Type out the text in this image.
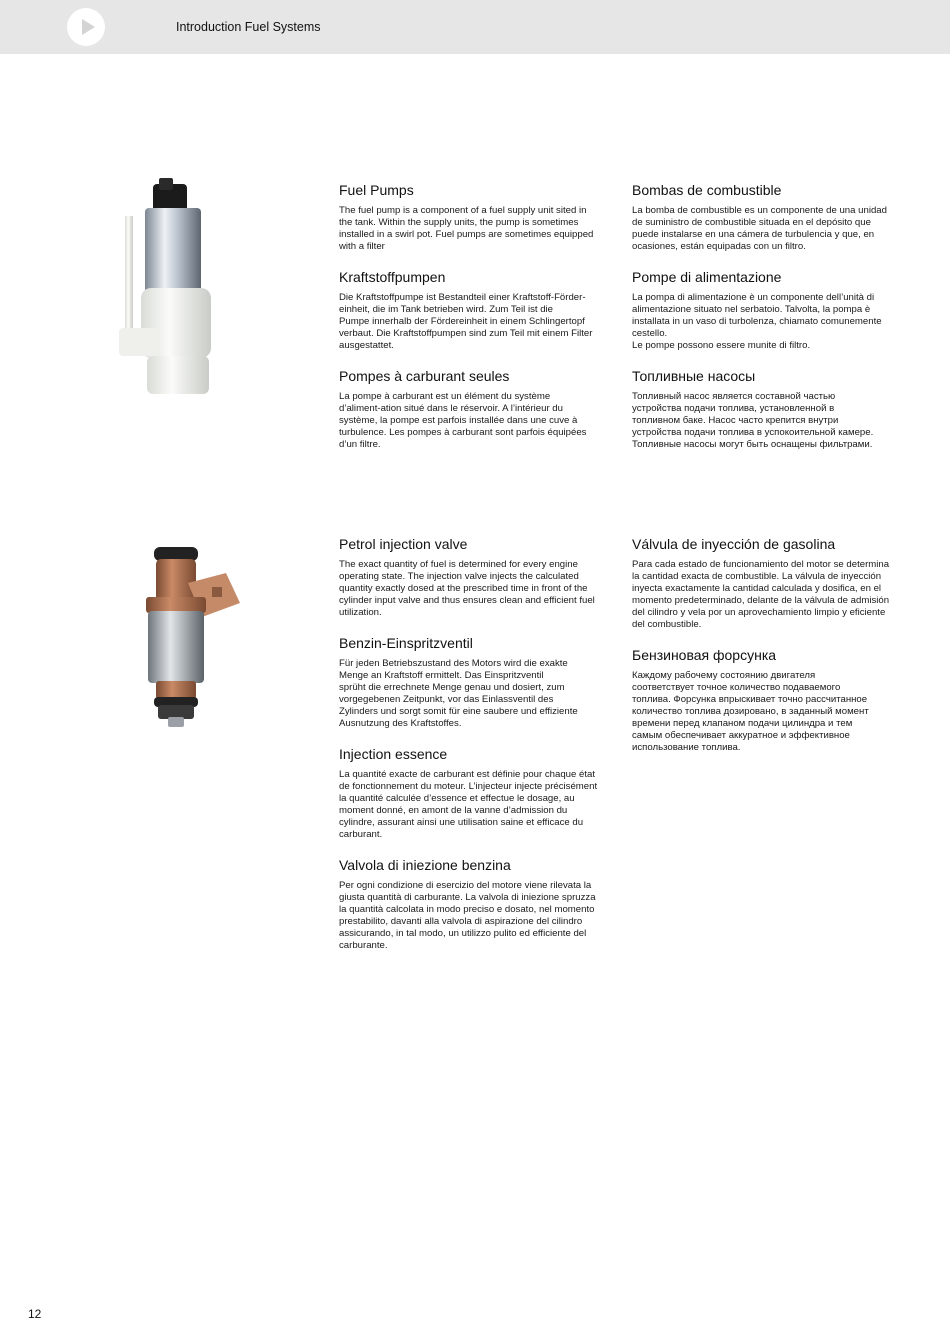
Introduction Fuel Systems
Fuel Pumps

The fuel pump is a component of a fuel supply unit sited in
the tank. Within the supply units, the pump is sometimes
installed in a swirl pot. Fuel pumps are sometimes equipped
with a filter

Kraftstoffpumpen

Die Kraftstoffpumpe ist Bestandteil einer Kraftstoff-Förder-
einheit, die im Tank betrieben wird. Zum Teil ist die
Pumpe innerhalb der Fördereinheit in einem Schlingertopf
verbaut. Die Kraftstoffpumpen sind zum Teil mit einem Filter
ausgestattet.

Pompes à carburant seules

La pompe à carburant est un élément du système
d’aliment-ation situé dans le réservoir. A l’intérieur du
système, la pompe est parfois installée dans une cuve à
turbulence. Les pompes à carburant sont parfois équipées
d’un filtre.

Bombas de combustible

La bomba de combustible es un componente de una unidad
de suministro de combustible situada en el depósito que
puede instalarse en una cámera de turbulencia y que, en
ocasiones, están equipadas con un filtro.

Pompe di alimentazione

La pompa di alimentazione è un componente dell’unità di
alimentazione situato nel serbatoio. Talvolta, la pompa è
installata in un vaso di turbolenza, chiamato comunemente
cestello.
Le pompe possono essere munite di filtro.

Топливные насосы

Топливный насос является составной частью
устройства подачи топлива, установленной в
топливном баке. Насос часто крепится внутри
устройства подачи топлива в успокоительной камере.
Топливные насосы могут быть оснащены фильтрами.

Petrol injection valve

The exact quantity of fuel is determined for every engine
operating state. The injection valve injects the calculated
quantity exactly dosed at the prescribed time in front of the
cylinder input valve and thus ensures clean and efficient fuel
utilization.

Benzin-Einspritzventil

Für jeden Betriebszustand des Motors wird die exakte
Menge an Kraftstoff ermittelt. Das Einspritzventil
sprüht die errechnete Menge genau und dosiert, zum
vorgegebenen Zeitpunkt, vor das Einlassventil des
Zylinders und sorgt somit für eine saubere und effiziente
Ausnutzung des Kraftstoffes.

Injection essence

La quantité exacte de carburant est définie pour chaque état
de fonctionnement du moteur. L’injecteur injecte précisément
la quantité calculée d’essence et effectue le dosage, au
moment donné, en amont de la vanne d’admission du
cylindre, assurant ainsi une utilisation saine et efficace du
carburant.

Valvola di iniezione benzina

Per ogni condizione di esercizio del motore viene rilevata la
giusta quantità di carburante. La valvola di iniezione spruzza
la quantità calcolata in modo preciso e dosato, nel momento
prestabilito, davanti alla valvola di aspirazione del cilindro
assicurando, in tal modo, un utilizzo pulito ed efficiente del
carburante.

Válvula de inyección de gasolina

Para cada estado de funcionamiento del motor se determina
la cantidad exacta de combustible. La válvula de inyección
inyecta exactamente la cantidad calculada y dosifica, en el
momento predeterminado, delante de la válvula de admisión
del cilindro y vela por un aprovechamiento limpio y eficiente
del combustible.

Бензиновая форсунка

Каждому рабочему состоянию двигателя
соответствует точное количество подаваемого
топлива. Форсунка впрыскивает точно рассчитанное
количество топлива дозировано, в заданный момент
времени перед клапаном подачи цилиндра и тем
самым обеспечивает аккуратное и эффективное
использование топлива.

12
